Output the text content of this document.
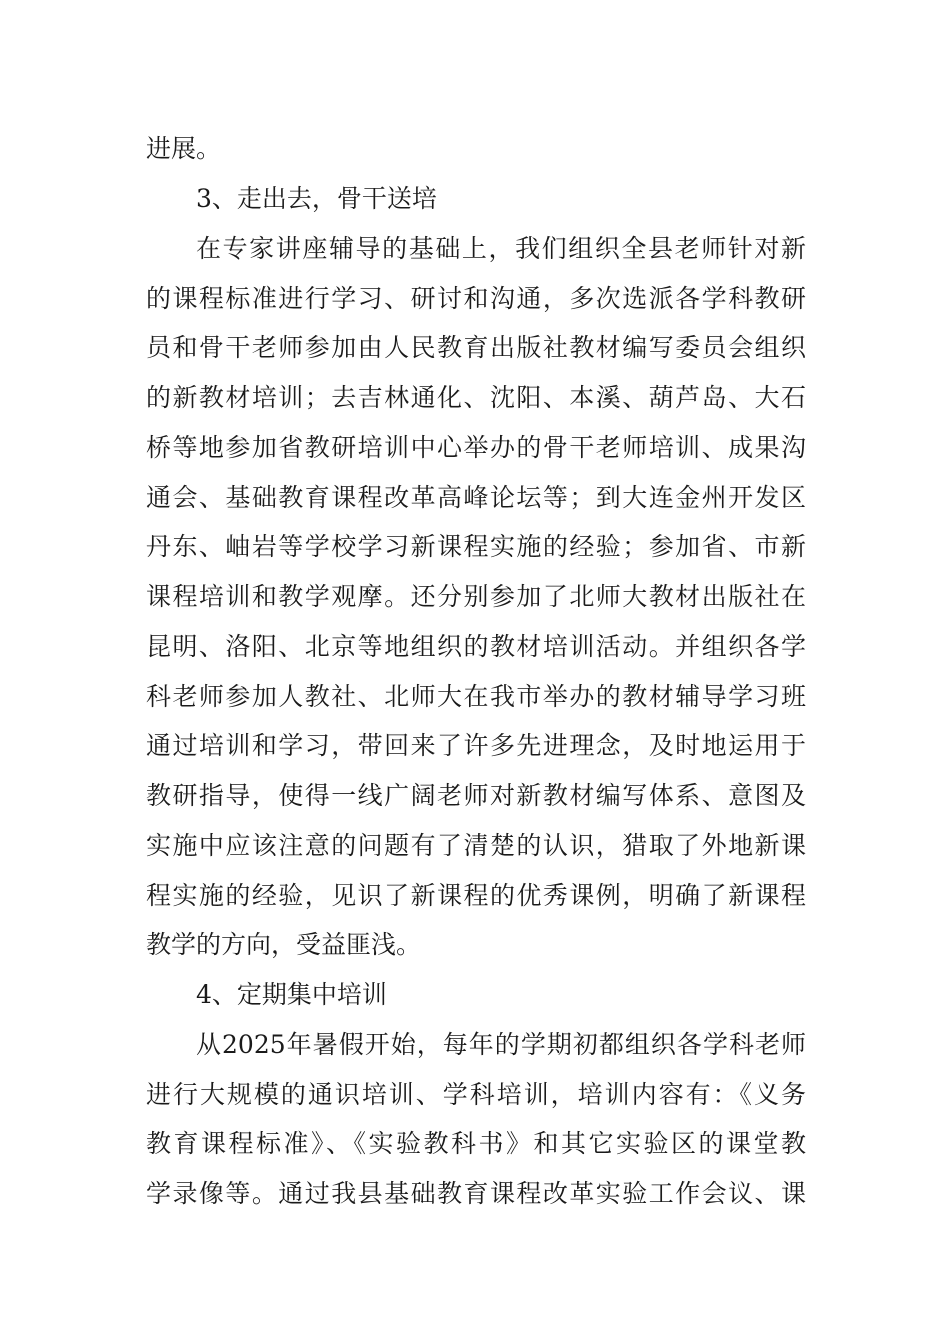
进展。
3、走出去，骨干送培
在专家讲座辅导的基础上，我们组织全县老师针对新
的课程标准进行学习、研讨和沟通，多次选派各学科教研
员和骨干老师参加由人民教育出版社教材编写委员会组织
的新教材培训；去吉林通化、沈阳、本溪、葫芦岛、大石
桥等地参加省教研培训中心举办的骨干老师培训、成果沟
通会、基础教育课程改革高峰论坛等；到大连金州开发区
丹东、岫岩等学校学习新课程实施的经验；参加省、市新
课程培训和教学观摩。还分别参加了北师大教材出版社在
昆明、洛阳、北京等地组织的教材培训活动。并组织各学
科老师参加人教社、北师大在我市举办的教材辅导学习班
通过培训和学习，带回来了许多先进理念，及时地运用于
教研指导，使得一线广阔老师对新教材编写体系、意图及
实施中应该注意的问题有了清楚的认识，猎取了外地新课
程实施的经验，见识了新课程的优秀课例，明确了新课程
教学的方向，受益匪浅。
4、定期集中培训
从2025年暑假开始，每年的学期初都组织各学科老师
进行大规模的通识培训、学科培训，培训内容有：《义务
教育课程标准》、《实验教科书》和其它实验区的课堂教
学录像等。通过我县基础教育课程改革实验工作会议、课
